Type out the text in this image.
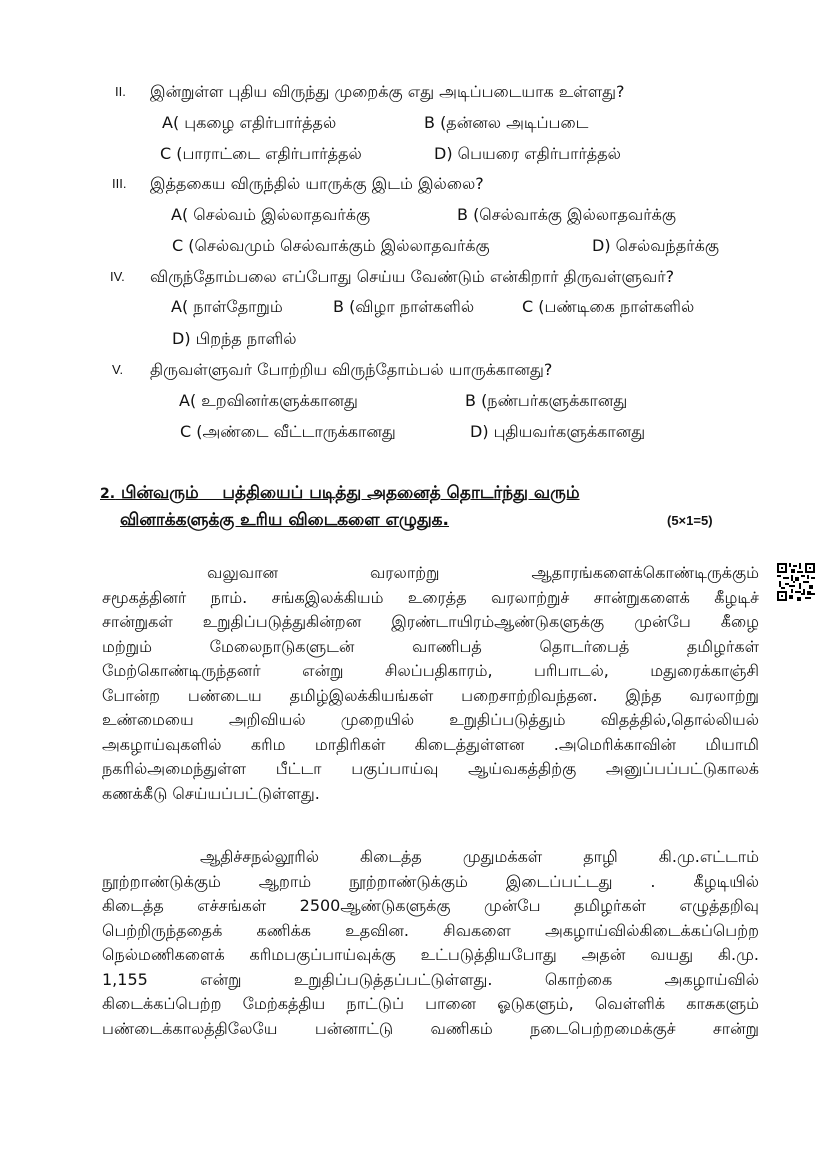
II. இன்றுள்ள புதிய விருந்து முறைக்கு எது அடிப்படையாக உள்ளது?
A( புகழை எதிர்பார்த்தல்	B (தன்னல அடிப்படை
C (பாராட்டை எதிர்பார்த்தல்	D) பெயரை எதிர்பார்த்தல்
III. இத்தகைய விருந்தில் யாருக்கு இடம் இல்லை?
A( செல்வம் இல்லாதவர்க்கு	B (செல்வாக்கு இல்லாதவர்க்கு
C (செல்வமும் செல்வாக்கும் இல்லாதவர்க்கு	D) செல்வந்தர்க்கு
IV. விருந்தோம்பலை எப்போது செய்ய வேண்டும் என்கிறார் திருவள்ளுவர்?
A( நாள்தோறும்	B (விழா நாள்களில்	C (பண்டிகை நாள்களில்
D) பிறந்த நாளில்
V. திருவள்ளுவர் போற்றிய விருந்தோம்பல் யாருக்கானது?
A( உறவினர்களுக்கானது	B (நண்பர்களுக்கானது
C (அண்டை வீட்டாருக்கானது	D) புதியவர்களுக்கானது
2. பின்வரும்    பத்தியைப் படித்து அதனைத் தொடர்ந்து வரும்
வினாக்களுக்கு உரிய விடைகளை எழுதுக.	(5×1=5)
வலுவான வரலாற்று ஆதாரங்களைக்கொண்டிருக்கும்
சமூகத்தினர் நாம். சங்கஇலக்கியம் உரைத்த வரலாற்றுச் சான்றுகளைக் கீழடிச்
சான்றுகள் உறுதிப்படுத்துகின்றன இரண்டாயிரம்ஆண்டுகளுக்கு முன்பே கீழை
மற்றும் மேலைநாடுகளுடன் வாணிபத் தொடர்பைத் தமிழர்கள்
மேற்கொண்டிருந்தனர் என்று சிலப்பதிகாரம், பரிபாடல், மதுரைக்காஞ்சி
போன்ற பண்டைய தமிழ்இலக்கியங்கள் பறைசாற்றிவந்தன. இந்த வரலாற்று
உண்மையை அறிவியல் முறையில் உறுதிப்படுத்தும் விதத்தில்,தொல்லியல்
அகழாய்வுகளில் கரிம மாதிரிகள் கிடைத்துள்ளன .அமெரிக்காவின் மியாமி
நகரில்அமைந்துள்ள பீட்டா பகுப்பாய்வு ஆய்வகத்திற்கு அனுப்பப்பட்டுகாலக்
கணக்கீடு செய்யப்பட்டுள்ளது.
ஆதிச்சநல்லூரில் கிடைத்த முதுமக்கள் தாழி கி.மு.எட்டாம்
நூற்றாண்டுக்கும் ஆறாம் நூற்றாண்டுக்கும் இடைப்பட்டது . கீழடியில்
கிடைத்த எச்சங்கள் 2500ஆண்டுகளுக்கு முன்பே தமிழர்கள் எழுத்தறிவு
பெற்றிருந்ததைக் கணிக்க உதவின. சிவகளை அகழாய்வில்கிடைக்கப்பெற்ற
நெல்மணிகளைக் கரிமபகுப்பாய்வுக்கு உட்படுத்தியபோது அதன் வயது கி.மு.
1,155 என்று உறுதிப்படுத்தப்பட்டுள்ளது. கொற்கை அகழாய்வில்
கிடைக்கப்பெற்ற மேற்கத்திய நாட்டுப் பானை ஓடுகளும், வெள்ளிக் காசுகளும்
பண்டைக்காலத்திலேயே பன்னாட்டு வணிகம் நடைபெற்றமைக்குச் சான்று
